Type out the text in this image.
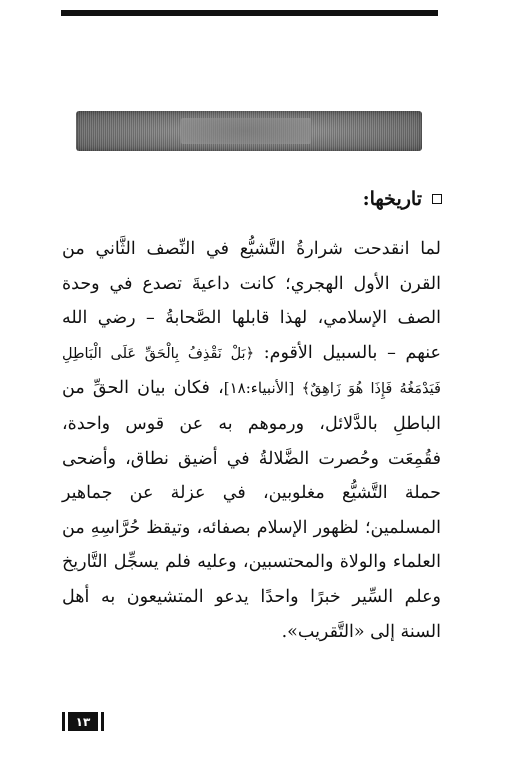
تاريخها:

لما انقدحت شرارةُ التَّشيُّع في النِّصف الثَّاني من القرن الأول الهجري؛ كانت داعيةَ تصدع في وحدة الصف الإسلامي، لهذا قابلها الصَّحابةُ – رضي الله عنهم – بالسبيل الأقوم: ﴿بَلْ نَقْذِفُ بِالْحَقِّ عَلَى الْبَاطِلِ فَيَدْمَغُهُ فَإِذَا هُوَ زَاهِقٌ﴾ [الأنبياء:١٨]، فكان بيان الحقِّ من الباطلِ بالدَّلائل، ورموهم به عن قوس واحدة، فقُمِعَت وحُصرت الضَّلالةُ في أضيق نطاق، وأضحى حملة التَّشيُّع مغلوبين، في عزلة عن جماهير المسلمين؛ لظهور الإسلام بصفائه، وتيقظ حُرَّاسِهِ من العلماء والولاة والمحتسبين، وعليه فلم يسجِّل التَّاريخ وعلم السِّير خبرًا واحدًا يدعو المتشيعون به أهل السنة إلى «التَّقريب».

١٣
